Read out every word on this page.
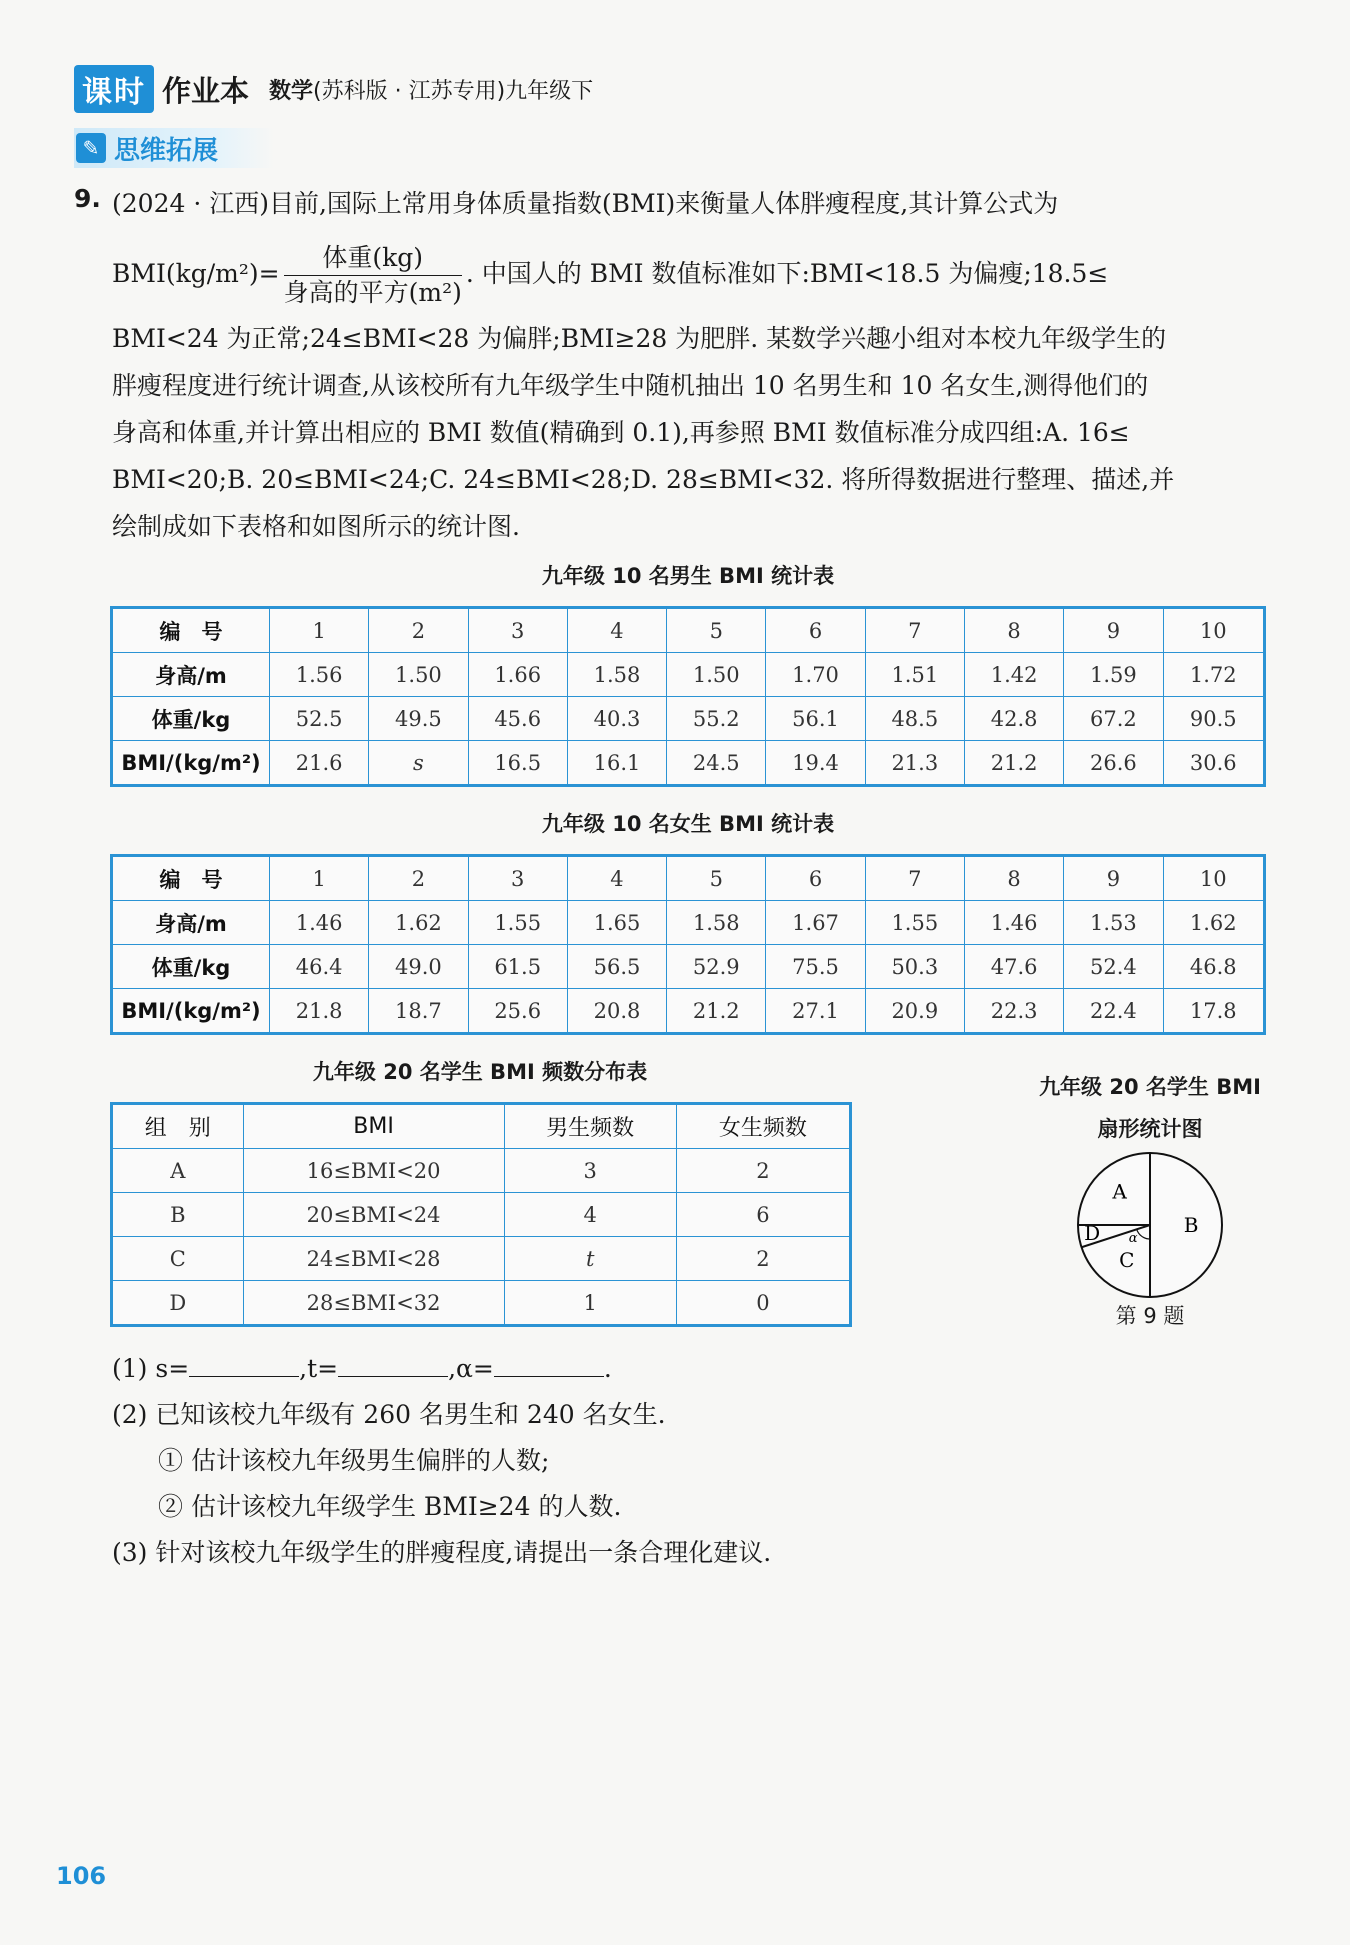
课时 作业本 数学 (苏科版 · 江苏专用)九年级下
✎ 思维拓展
9. (2024 · 江西)目前,国际上常用身体质量指数(BMI)来衡量人体胖瘦程度,其计算公式为
$BMI(kg/m^2)= \frac{\text{体重(kg)}}{\text{身高的平方(m²)}}$ . 中国人的 BMI 数值标准如下:BMI<18.5 为偏瘦;18.5≤
BMI<24 为正常;24≤BMI<28 为偏胖;BMI≥28 为肥胖. 某数学兴趣小组对本校九年级学生的
胖瘦程度进行统计调查,从该校所有九年级学生中随机抽出 10 名男生和 10 名女生,测得他们的
身高和体重,并计算出相应的 BMI 数值(精确到 0.1),再参照 BMI 数值标准分成四组:A. 16≤
BMI<20;B. 20≤BMI<24;C. 24≤BMI<28;D. 28≤BMI<32. 将所得数据进行整理、描述,并
绘制成如下表格和如图所示的统计图.
九年级 10 名男生 BMI 统计表
编　号	1	2	3	4	5	6	7	8	9	10
身高/m	1.56	1.50	1.66	1.58	1.50	1.70	1.51	1.42	1.59	1.72
体重/kg	52.5	49.5	45.6	40.3	55.2	56.1	48.5	42.8	67.2	90.5
BMI/(kg/m²)	21.6	s	16.5	16.1	24.5	19.4	21.3	21.2	26.6	30.6
九年级 10 名女生 BMI 统计表
编　号	1	2	3	4	5	6	7	8	9	10
身高/m	1.46	1.62	1.55	1.65	1.58	1.67	1.55	1.46	1.53	1.62
体重/kg	46.4	49.0	61.5	56.5	52.9	75.5	50.3	47.6	52.4	46.8
BMI/(kg/m²)	21.8	18.7	25.6	20.8	21.2	27.1	20.9	22.3	22.4	17.8
九年级 20 名学生 BMI 频数分布表
组　别	BMI	男生频数	女生频数
A	16≤BMI<20	3	2
B	20≤BMI<24	4	6
C	24≤BMI<28	t	2
D	28≤BMI<32	1	0
九年级 20 名学生 BMI
扇形统计图
B
C
D
A
α
第 9 题
(1) s=	,t=	,α=	.
(2) 已知该校九年级有 260 名男生和 240 名女生.
① 估计该校九年级男生偏胖的人数;
② 估计该校九年级学生 BMI≥24 的人数.
(3) 针对该校九年级学生的胖瘦程度,请提出一条合理化建议.
106
